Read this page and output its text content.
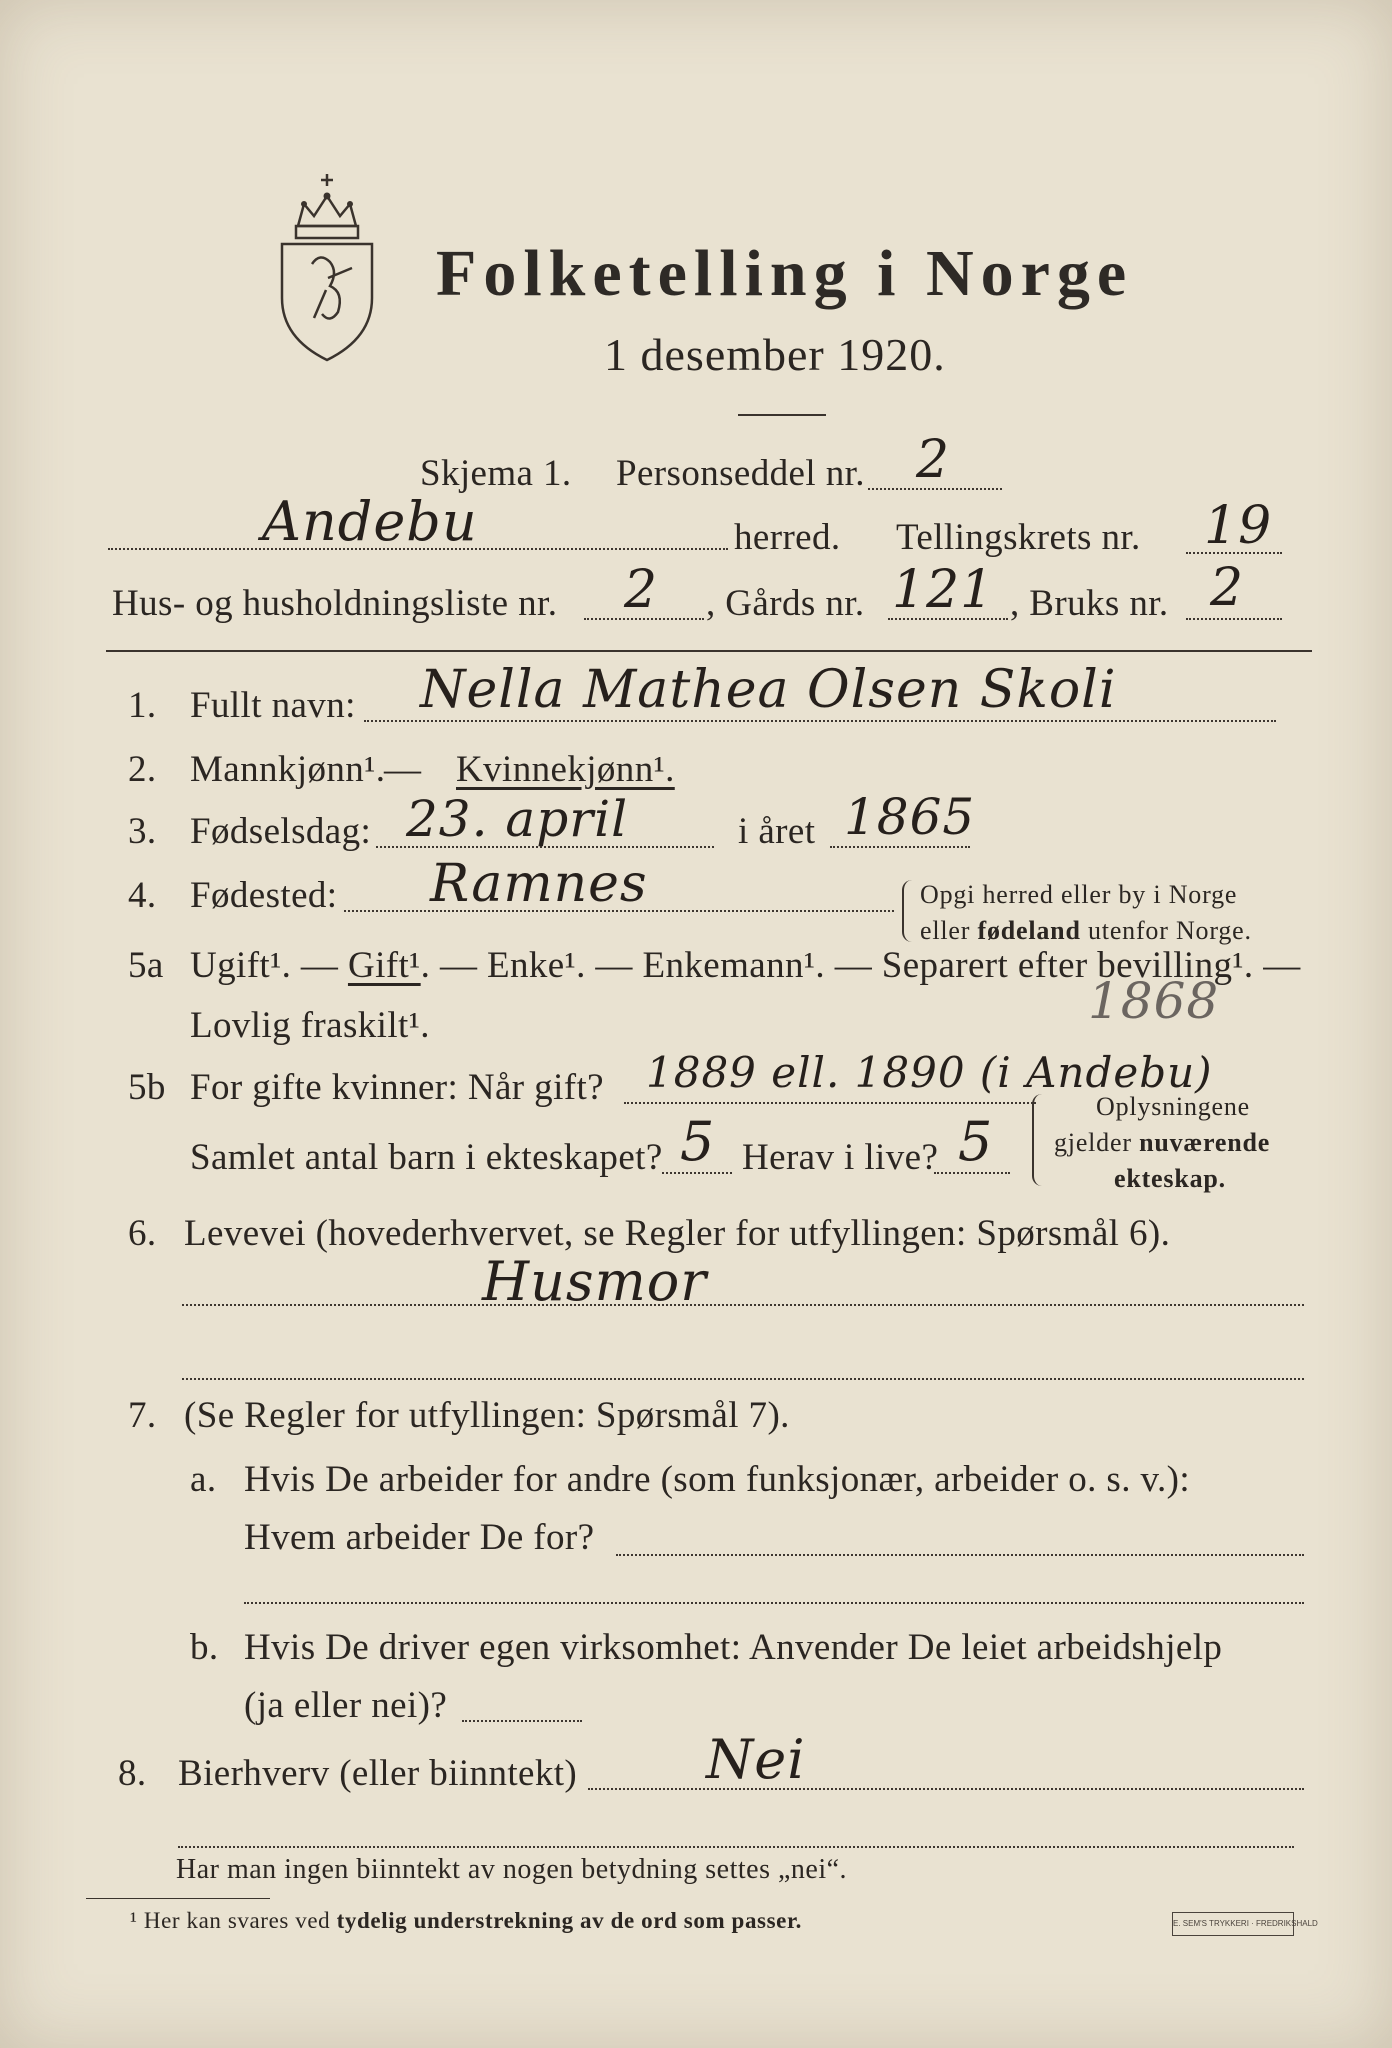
Folketelling i Norge
1 desember 1920.
Skjema 1. Personseddel nr. 2
Andebu	herred. Tellingskrets nr. 19
Hus- og husholdningsliste nr. 2 , Gårds nr. 121 , Bruks nr. 2
1. Fullt navn: Nella Mathea Olsen Skoli
2. Mannkjønn¹.
— Kvinnekjønn¹.
3. Fødselsdag: 23. april	i året 1865
4. Fødested: Ramnes	Opgi herred eller by i Norge
eller fødeland utenfor Norge.
5a Ugift¹. — Gift¹. — Enke¹. — Enkemann¹. — Separert efter bevilling¹. —
Lovlig fraskilt¹.	1868
5b For gifte kvinner: Når gift? 1889 ell. 1890 (i Andebu)
Samlet antal barn i ekteskapet? 5 Herav i live? 5
Oplysningene
gjelder nuværende
ekteskap.
6. Levevei (hovederhvervet, se Regler for utfyllingen: Spørsmål 6).
Husmor
7. (Se Regler for utfyllingen: Spørsmål 7).
a. Hvis De arbeider for andre (som funksjonær, arbeider o. s. v.):
Hvem arbeider De for?
b. Hvis De driver egen virksomhet: Anvender De leiet arbeidshjelp
(ja eller nei)?
8. Bierhverv (eller biinntekt) Nei
Har man ingen biinntekt av nogen betydning settes „nei“.
¹ Her kan svares ved tydelig understrekning av de ord som passer.	E. SEM'S TRYKKERI · FREDRIKSHALD
